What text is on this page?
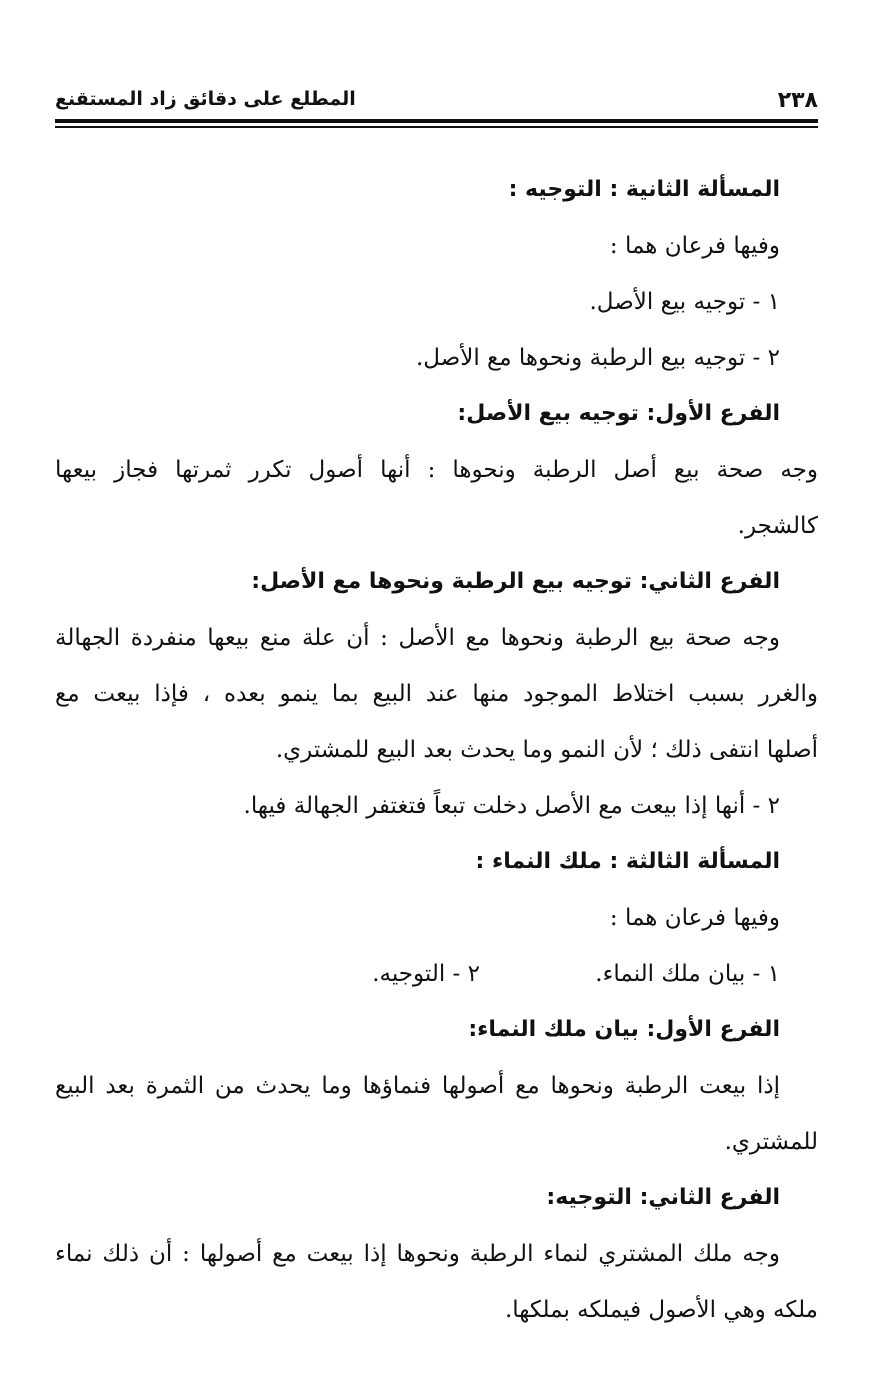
٢٣٨
المطلع على دقائق زاد المستقنع
المسألة الثانية : التوجيه :
وفيها فرعان هما :
١ - توجيه بيع الأصل.
٢ - توجيه بيع الرطبة ونحوها مع الأصل.
الفرع الأول: توجيه بيع الأصل:
وجه صحة بيع أصل الرطبة ونحوها : أنها أصول تكرر ثمرتها فجاز بيعها
كالشجر.
الفرع الثاني: توجيه بيع الرطبة ونحوها مع الأصل:
وجه صحة بيع الرطبة ونحوها مع الأصل : أن علة منع بيعها منفردة الجهالة
والغرر بسبب اختلاط الموجود منها عند البيع بما ينمو بعده ، فإذا بيعت مع
أصلها انتفى ذلك ؛ لأن النمو وما يحدث بعد البيع للمشتري.
٢ - أنها إذا بيعت مع الأصل دخلت تبعاً فتغتفر الجهالة فيها.
المسألة الثالثة : ملك النماء :
وفيها فرعان هما :
١ - بيان ملك النماء.
٢ - التوجيه.
الفرع الأول: بيان ملك النماء:
إذا بيعت الرطبة ونحوها مع أصولها فنماؤها وما يحدث من الثمرة بعد البيع
للمشتري.
الفرع الثاني: التوجيه:
وجه ملك المشتري لنماء الرطبة ونحوها إذا بيعت مع أصولها : أن ذلك نماء
ملكه وهي الأصول فيملكه بملكها.
